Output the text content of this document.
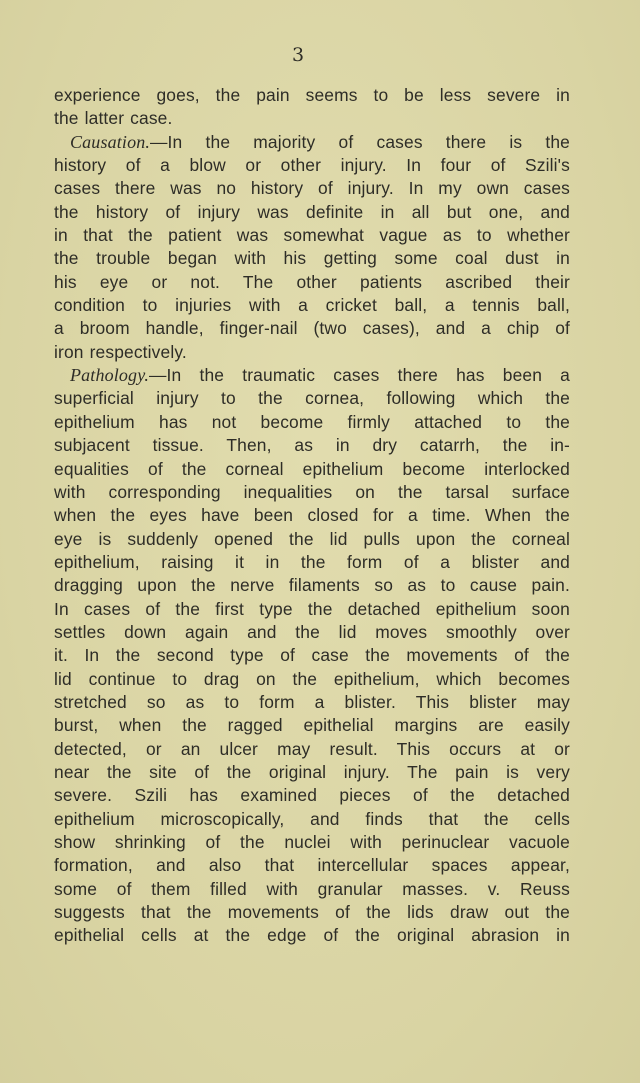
3
experience goes, the pain seems to be less severe in
the latter case.
Causation.—In the majority of cases there is the
history of a blow or other injury. In four of Szili's
cases there was no history of injury. In my own cases
the history of injury was definite in all but one, and
in that the patient was somewhat vague as to whether
the trouble began with his getting some coal dust in
his eye or not. The other patients ascribed their
condition to injuries with a cricket ball, a tennis ball,
a broom handle, finger-nail (two cases), and a chip of
iron respectively.
Pathology.—In the traumatic cases there has been a
superficial injury to the cornea, following which the
epithelium has not become firmly attached to the
subjacent tissue. Then, as in dry catarrh, the in-
equalities of the corneal epithelium become interlocked
with corresponding inequalities on the tarsal surface
when the eyes have been closed for a time. When the
eye is suddenly opened the lid pulls upon the corneal
epithelium, raising it in the form of a blister and
dragging upon the nerve filaments so as to cause pain.
In cases of the first type the detached epithelium soon
settles down again and the lid moves smoothly over
it. In the second type of case the movements of the
lid continue to drag on the epithelium, which becomes
stretched so as to form a blister. This blister may
burst, when the ragged epithelial margins are easily
detected, or an ulcer may result. This occurs at or
near the site of the original injury. The pain is very
severe. Szili has examined pieces of the detached
epithelium microscopically, and finds that the cells
show shrinking of the nuclei with perinuclear vacuole
formation, and also that intercellular spaces appear,
some of them filled with granular masses. v. Reuss
suggests that the movements of the lids draw out the
epithelial cells at the edge of the original abrasion in
